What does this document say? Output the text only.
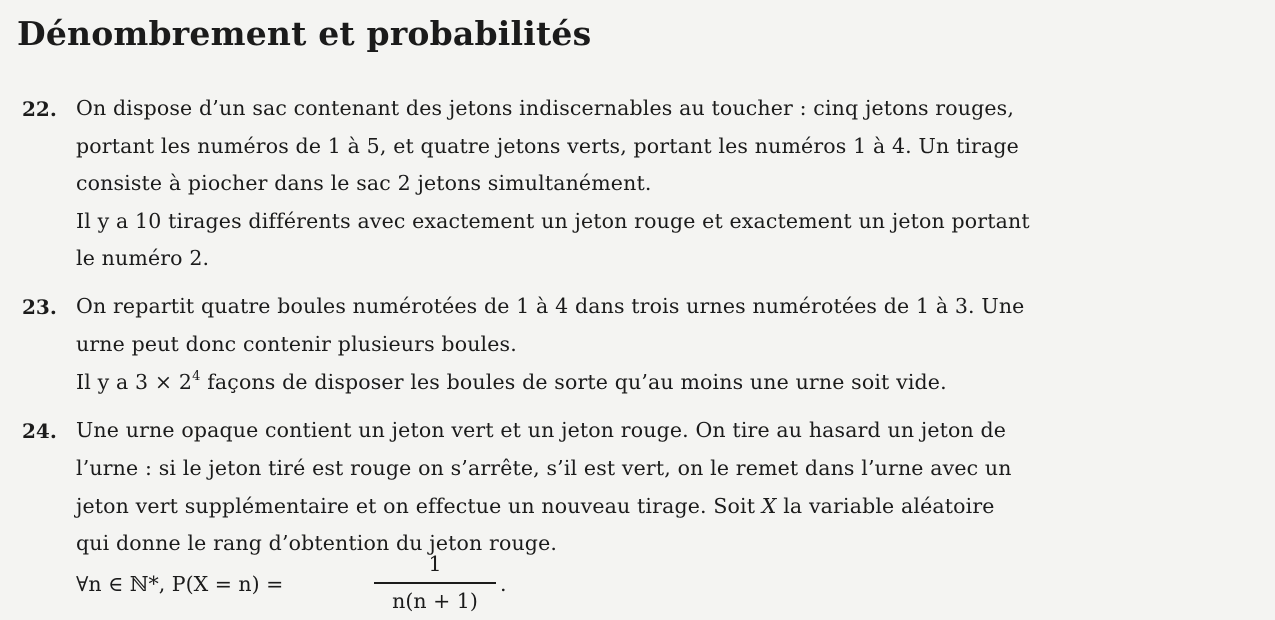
Dénombrement et probabilités
22. On dispose d’un sac contenant des jetons indiscernables au toucher : cinq jetons rouges,
portant les numéros de 1 à 5, et quatre jetons verts, portant les numéros 1 à 4. Un tirage
consiste à piocher dans le sac 2 jetons simultanément.
Il y a 10 tirages différents avec exactement un jeton rouge et exactement un jeton portant
le numéro 2.
23. On repartit quatre boules numérotées de 1 à 4 dans trois urnes numérotées de 1 à 3. Une
urne peut donc contenir plusieurs boules.
Il y a $3 \times 2^4$ façons de disposer les boules de sorte qu’au moins une urne soit vide.
24. Une urne opaque contient un jeton vert et un jeton rouge. On tire au hasard un jeton de
l’urne : si le jeton tiré est rouge on s’arrête, s’il est vert, on le remet dans l’urne avec un
jeton vert supplémentaire et on effectue un nouveau tirage. Soit X la variable aléatoire
qui donne le rang d’obtention du jeton rouge.
∀n ∈ ℕ*, P(X = n) =
1
n(n + 1)
.
